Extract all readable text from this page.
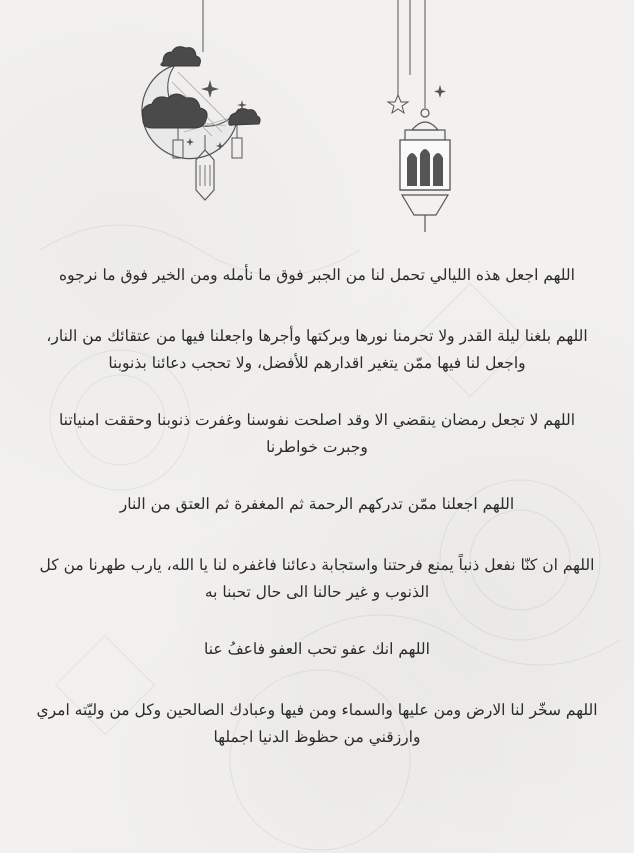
اللهم اجعل هذه الليالي تحمل لنا من الجبر فوق ما نأمله ومن الخير فوق ما نرجوه

اللهم بلغنا ليلة القدر ولا تحرمنا نورها وبركتها وأجرها واجعلنا فيها من عتقائك من النار، واجعل لنا فيها ممّن يتغير اقدارهم للأفضل، ولا تحجب دعائنا بذنوبنا

اللهم لا تجعل رمضان ينقضي الا وقد اصلحت نفوسنا وغفرت ذنوبنا وحققت امنياتنا وجبرت خواطرنا

اللهم اجعلنا ممّن تدركهم الرحمة ثم المغفرة ثم العتق من النار

اللهم ان كنّا نفعل ذنباً يمنع فرحتنا واستجابة دعائنا فاغفره لنا يا الله، يارب طهرنا من كل الذنوب و غير حالنا الى حال تحبنا به

اللهم انك عفو تحب العفو فاعفُ عنا

اللهم سخّر لنا الارض ومن عليها والسماء ومن فيها وعبادك الصالحين وكل من وليّته امري وارزقني من حظوظ الدنيا اجملها
